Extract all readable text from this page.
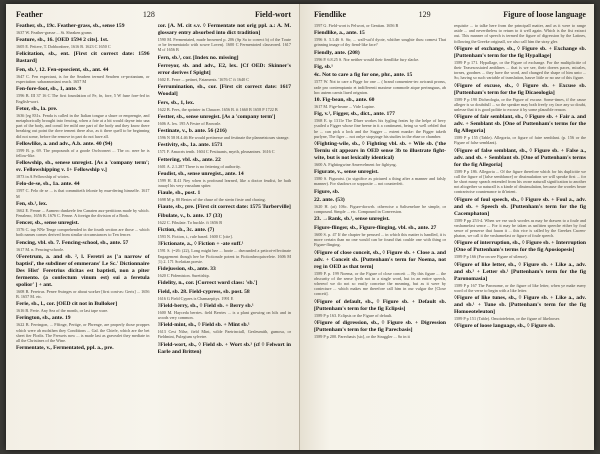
Feather	128	Field-wort
Feather, sb., 19c. Feather-grass, sb., sense 159
1637 W. Feather-grasse ... St. Sheaken grams
Feature, sb., 16. [OED 1594 2 cits]. 1st.
1605 E. Peitere, T. Dobbonbree, 1616 B. 1623 C 1650 C
Felicitation, sb., ent. [First cit correct date: 1596 Bastard]
Fen, sb.¹, 12. Fen-epsecient, sb., ant. 44
1647 C. Fen expectant, is for the Seadren termed Seadren ce-protantum, or expectation: sabaranoniant reach. 1657 M
Fen-fore-foot, sb., 1, ante. 9
1596 B. III 37 16 C The first foundation of Fe, fn, fore, 5 W fune fore-fed in English-wort.
Fetor, sb., la. pre.
1636 [eg 831s. Fenda is called in the Italian tongue a shure or emprengie, and metaphorically brought into fencing, when a fote at a bit would dayne into una part of the body, and consil fee mild one part of the body and they know there breaking out point the dove tement there also, as it there quell to be beginning did not some, before the remove in part do not have all.
Fellowlike, a. and adv., A.b. ante. 40 (94)
1599 B. p. 69. The propounds of a goode Owlwonert ... The oc. nere be is fellow-like.
Fellowship, sb., senese unregist. [As a 'company term'; sv. Fellowshipping v. 1+ Fellowship v.]
1873 in A Fellowship of wiotes.
Felo-de-se, sb., 1a. ante. 44
1597 C. Felo de se ... is that committeth felonie by mur-dering himselfe. 1617 M
Fen, sb.¹, lex.
1662 E. Fenne ... Aumero dunkeele fen Canaten aux-pertitions made by which. Fenaleno, 1656 B. 1676 C. Fenne. A foreign the division of a Book.
Fencer, sb., sense unregist.
1576 C. tap NNe Tenge comprehended in the fourth section are those ... which both names comes derived from similar circumstances to Ten fencer.
Fencing, vbl. sb. 7. Fencing-school, sb., ante. 57
1617 M. n. Fencing-schoole.
◊Feretrum, a. and sb. ², l. Feretri as ['a narrow of baptisi', the subdiner of emmerans' Le Sc.' Dictionnaire Des Hist' Feretrius dicitas est baptisti, non a piter fermento. (a confectum vinum est) sui a feretula spolior' ] + ant.
1608 B. Feretrus. Penee Swinges or about worker [first cont-as: Geris] ... 1656 B. 1657 M. etc.
Ferie, sb., l., cor. [OED cit not in Bulloker]
1616 B. Ferie. Any Sea of the month, or last tape ware.
Ferington, sb., ante. 19
1622 B. Ferringon, ... Fffinge, Peritge, or Phrenge, are properly those proppes which were ab molsthen they Conditions ... Gal. the Chiefe, which are the bet sheet fier Flodis. The Fressets now ... is made last as gravealet they mediate in all the Christines of the Wine.
Fermentate, v., Fermentated, ppl. a., pre.
cor. [A. M. cit s.v. ◊ Fermentate not orig ppl. a.: A. M. glossary entry absorbed into dict tradition]
1590 M. Fermentated, made brosened p. 206 (Sp Sa to correct b) of the Toute or be fermentatolo with sowre Loven). 1600 C Fermentoted classeored. 1617 M cf 1656 B
Fern, sb.¹, cor. [Index no. missing]
Ferreyor, sb. and adv., E2, lex. [Cf OED: Skinner's error derives f Spight]
1602 E. Ferre ... petinet, Fataments. '1676 C' ft 1640 C
Ferrumination, sb., cor. [First cit correct date: 1617 Woodal]
Fers, sb., 1, lex.
1622 B. Fees, the sprinter in Chaucer. 1656 B. ft 1660 B 1658 P 1722 B
Festter, sb., sense unregist. [As a 'company term']
1606 A. lex. 195 A Festre of Brownle.
Festinate, v., b. ante. 56 (216)
1596 N 58 H.4.46 He would pretinesse and festinate the plannetstoues strange.
Festivity, sb., 1a. ante. 1571
1571 F. Amacrts tenth. 1604 C Festiuants, myrth, pleasantnes. 1616 C
Fettering, vbl. sb., ante. 22
1601 A. 2.1.287 There is no fettering of authority.
Feudist, sb., sense unregist., ante. 14
1599 H. II.41 Ney when is profound learned, like a doctor feudist, he hath trauayl his very vassalum spiter.
Fiaule, sb., post. 1
1698 M p. 80 Bestes of the chase of the sterin firste and chasing.
Fiaute, sb., pre. [First cit correct date: 1575 Turberville]
Fibulate, v., b. ante. 17 (33)
1622 C. Fibulate. To buckle. ft 1656 B
Fiction, sb., 3c. ante. (7)
1593 N. Fiction, t., rule based. 1600 C [cite].
◊Fictionate, a., ◊ Fiction + -ate suff.¹
1591 S. (=26: (22), Long might hee ... hoote ... dsecunded a peticot-effectinate Engagement though hee be Fictionale potent in Fictionhecquiwelete. 1606 M (1) 2. 171 Scelatian poesie.
Fidejussion, sb., ante. 33
1620 C Fidemision. Suretiship.
Fidelity, n., cor. [Correct word class: 'sb.']
Field, sb. 28. Field-cypress, sb. post. 58
1616 G Field Cypres is Chamaepitys. 1991 E
◊Field-berry, sb., ◊ Field sb. + Berry sb.¹
1600 M. Hayceda berries. field Berries ... is a plant growing on hils and in woods very common.
◊Field-mint, sb., ◊ Field sb. + Mint sb.¹
1613 Cest Nilse, field Mint, wilde Paetrinciall, Gesleumith, gumosa, or Fieldmint, Pulegium sylvetre.
◊Field-wort, sb., ◊ Field sb. + Wort sb.¹ (cf ◊ Felwort in Earle and Britten)
Fiendlike	129	Figure of loose language
1597 G. Field-wort is Pelwort, or Gentian. 1656 B
Fiendlike, a., ante. 15
1596 S. 3.1.46 S. Sir, ... wall-sai'd dyote, whither soughte thou comest That grinning image of thy fiend-like face?
Fiendly, ante. (208)
1596 P. 6.8.25 S. Nor neither would their fiendlike fury slacke.
Fig, sb.¹
4c. Not to care a fig for one, phr., ante. 15
1577 W. Not to care a Figge for one ... ( brand conuenien-tec avicanii prorus, rade pro contemptanio et indifferenti maxime commode atque perinnguus, ab hoc autem carnis liued orignion.
10. Fig-bean, sb., ante. 60
1617 M. Fige-beane ... Vide Lupine.
Fig, v.¹, Figger, sb., dict., ante. 177
1568 E. tp 1311e The Dluer workes his fygling feates by the helpe of hevy ysatled a Figger whose fine beene in it a continuent, being so well cebled that he ... can pick a lock and the Sugger ... extent manke: the Figger taketh purlyne, The figer ... not onlye stopyinge his studies in the ebae or chamber.
◊Fighting-wile, sb., ◊ Fighting vbl. sb. + Wile sb. ('the Terniu sit appears in OED sense 3b to illustrate fight-wite, but is not lexically identical)
1600 A. Fightingwine Amervelment for fightyng.
Figurate, v., sense unregist.
1580 S. Figuratst. (to significe as pictured a thing after a manner and falsly manner). For shadows or sopposite ... not counterfeit.
Figure, sb.
22. ante. (53)
1620 H. (at) 106c. Figure-dorwrh. otherwise a Salisenelare be simple, or compound. Simple ... etc. Compound in Conversion.
23. →Rank, sb.¹, sense unregist.
Figure-flinger, sb., Figure-flinging, vbl. sb., ante. 27
1600 S. p. 47 If the chapter be perused ... in which this matter is handled, it is more certain than no one would can be found that coulde one with thing or Figure-flinging.
◊Figure of close conceit, sb., ◊ Figure sb. + Close a. and adv. + Conceit sb. [Puttenham's term for Noema, not reg in OED as that term]
1589 P. p. 199 Noema, or the Figure of close conceit ... By this figure ... the obscurity of the sense lyeth not in a single word, but in an entire speech, whereof we do not so easily conceiue the meaning, but as it were by coniecture ... which makes me therefore call him in our vulgar the [Close conceit].
◊Figure of default, sb., ◊ Figure sb. + Default sb. [Puttenham's term for the fig Eclipsis]
1589 P p 163. Eclipsis or the Figure of default.
◊Figure of digression, sb., ◊ Figure sb. + Digression [Puttenham's term for the fig Parecbasis]
1589 P p 200. Parecbasis [sic], or the Straggler ... So in it
requisite ... to talke here from the principall matter, and as it were to range aside ... and nevertheless to return to it well again. Which is the fist extract out. This manner of speech is termed the figure of digression by the Latines, following the Greeke originall, we also call him the stray gler.
◊Figure of exchange, sb., ◊ Figure sb. + Exchange sb. [Puttenham's term for the fig Hypallage]
1589 P p 171. Hypallage, or the Figure of exchange. For the multiplicitie of their Teasesossiated amblines ... that is we see, their doeres paces, micales, tornes, goodnes ... they have the word, and changed the shape of him unto ... So, having so such variable of translation, hauve little or no use of this figure.
◊Figure of excuse, sb., ◊ Figure sb. + Excuse sb. [Puttenham's term for the fig Dicaeologia]
1589 P p 190 Dicheologia, or the Figure of excuse. Some-times, if the cause alleger is so doubtfull ... so the speaker may both freely cry face any so doubt, unlesse that it is good politie to excuse it by some plausible reason.
◊Figure of fair semblant, sb., ◊ Figure sb. + Fair a. and adv. + Semblant sb. [One of Puttenham's terms for the fig Allegoria]
1589 P p 155 (Table). Allegoria, or figure of faire semblant. (p. 156 or the Figure of false semblant).
◊Figure of false semblant, sb., ◊ Figure sb. + False a., adv. and sb. + Semblant sb. [One of Puttenham's terms for the fig Allegoria]
1589 P p 186. Allegoria ... Of the figure therefore which for his duplicitie we call the figure of [false semblance] or dissimulation we will speake first ... for he short many speach entended from his owne naturall signification to another not altogether so naturall is a kinde of dissimulation, because the wordes beare contrariwise countenance to th'intent.
◊Figure of foul speech, sb., ◊ Figure sb. + Foul a., adv. and sb. + Speech sb. [Puttenham's term for the fig Cacemphaton]
1589 P pp 253-4. When we vse such wordes as may be drawen to a foule and vnshamefast sence ... For it may be taken as unfitten speeche either by foul sence of peruerse that fauon it ... this vice is called by the Greekes Cacem-phaton, we call it the vnshamefast or figure of foule speech.
◊Figure of interruption, sb., ◊ Figure sb. + Interruption [One of Puttenham's terms for the fig Aposiopesis]
1589 P p 166 (For on see Figure of silence).
◊Figure of like letter, sb., ◊ Figure sb. + Like a., adv. and sb.¹ + Letter sb.¹ [Puttenham's term for the fig Paronomasia]
1589 P p 167 The Paronome, or the figure of like letter, when ye make euery word of the verse to begin with a like letter.
◊Figure of like tunes, sb., ◊ Figure sb. + Like a., adv. and sb.¹ + Tune sb. [Puttenham's term for the fig Homoeoteleuton]
1589 P p 151 (Table). Omoioteleton, or the figure of likelooser.
◊Figure of loose language, sb., ◊ Figure sb.
